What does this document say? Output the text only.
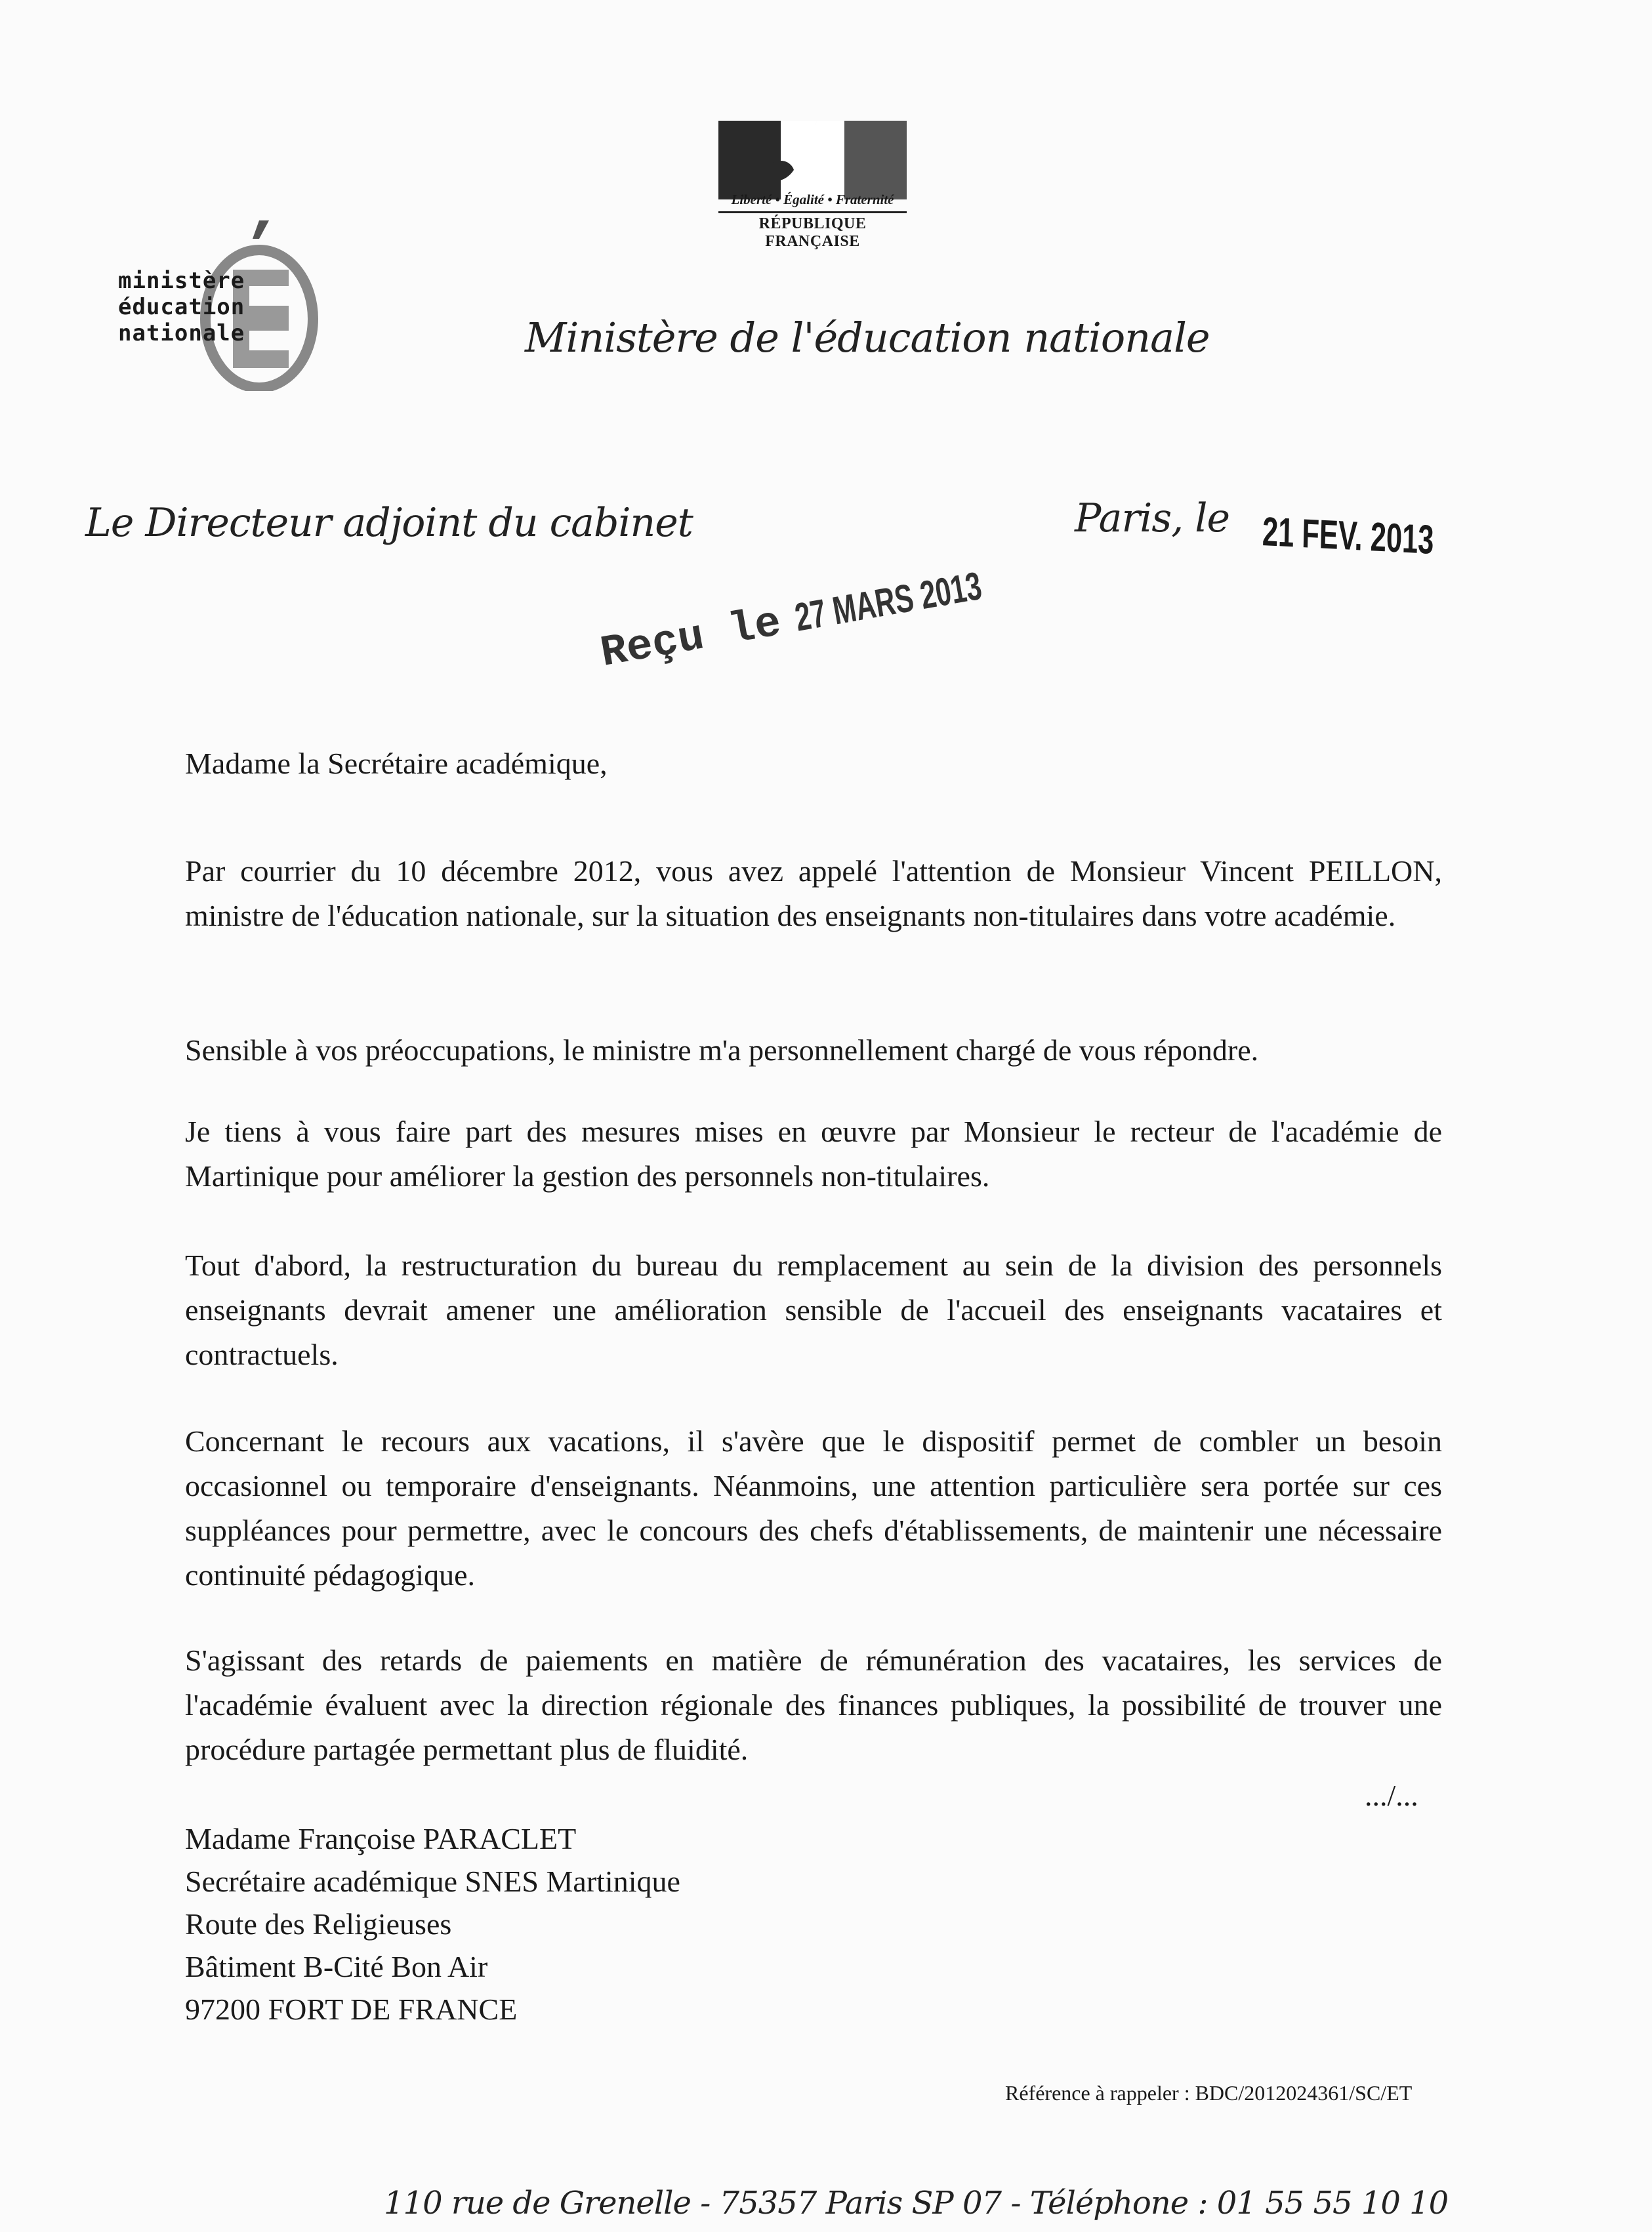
Liberté • Égalité • Fraternité
RÉPUBLIQUE FRANÇAISE
ministère
éducation
nationale	Ministère de l'éducation nationale
Le Directeur adjoint du cabinet	Paris, le 21 FEV. 2013
Reçu le 27 MARS 2013

Madame la Secrétaire académique,

Par courrier du 10 décembre 2012, vous avez appelé l'attention de Monsieur Vincent PEILLON, ministre de l'éducation nationale, sur la situation des enseignants non-titulaires dans votre académie.

Sensible à vos préoccupations, le ministre m'a personnellement chargé de vous répondre.

Je tiens à vous faire part des mesures mises en œuvre par Monsieur le recteur de l'académie de Martinique pour améliorer la gestion des personnels non-titulaires.

Tout d'abord, la restructuration du bureau du remplacement au sein de la division des personnels enseignants devrait amener une amélioration sensible de l'accueil des enseignants vacataires et contractuels.

Concernant le recours aux vacations, il s'avère que le dispositif permet de combler un besoin occasionnel ou temporaire d'enseignants. Néanmoins, une attention particulière sera portée sur ces suppléances pour permettre, avec le concours des chefs d'établissements, de maintenir une nécessaire continuité pédagogique.

S'agissant des retards de paiements en matière de rémunération des vacataires, les services de l'académie évaluent avec la direction régionale des finances publiques, la possibilité de trouver une procédure partagée permettant plus de fluidité.

.../...
Madame Françoise PARACLET
Secrétaire académique SNES Martinique
Route des Religieuses
Bâtiment B-Cité Bon Air
97200 FORT DE FRANCE
Référence à rappeler : BDC/2012024361/SC/ET
110 rue de Grenelle - 75357 Paris SP 07 - Téléphone : 01 55 55 10 10
